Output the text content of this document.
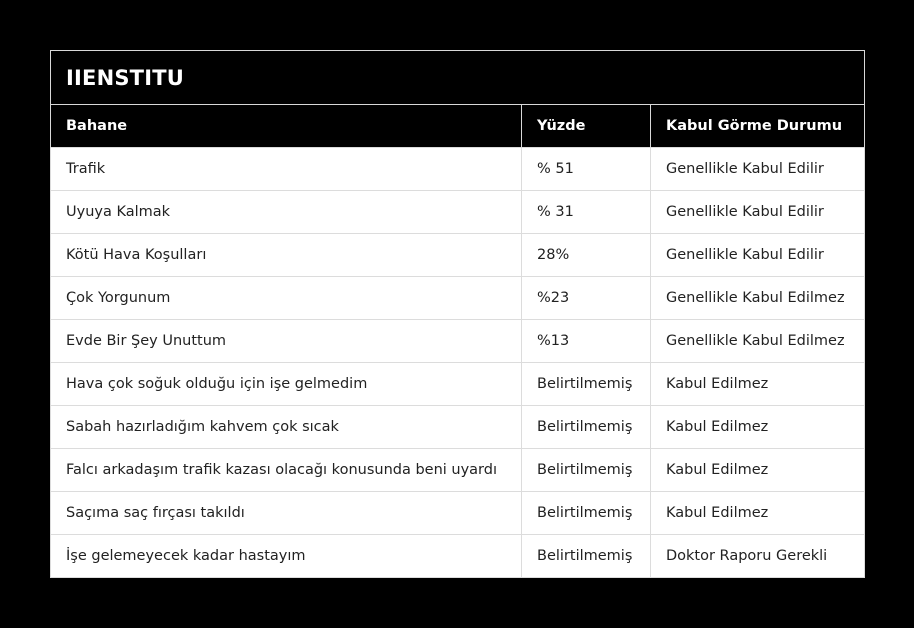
IIENSTITU		
Bahane	Yüzde	Kabul Görme Durumu
Trafik	% 51	Genellikle Kabul Edilir
Uyuya Kalmak	% 31	Genellikle Kabul Edilir
Kötü Hava Koşulları	28%	Genellikle Kabul Edilir
Çok Yorgunum	%23	Genellikle Kabul Edilmez
Evde Bir Şey Unuttum	%13	Genellikle Kabul Edilmez
Hava çok soğuk olduğu için işe gelmedim	Belirtilmemiş	Kabul Edilmez
Sabah hazırladığım kahvem çok sıcak	Belirtilmemiş	Kabul Edilmez
Falcı arkadaşım trafik kazası olacağı konusunda beni uyardı	Belirtilmemiş	Kabul Edilmez
Saçıma saç fırçası takıldı	Belirtilmemiş	Kabul Edilmez
İşe gelemeyecek kadar hastayım	Belirtilmemiş	Doktor Raporu Gerekli
